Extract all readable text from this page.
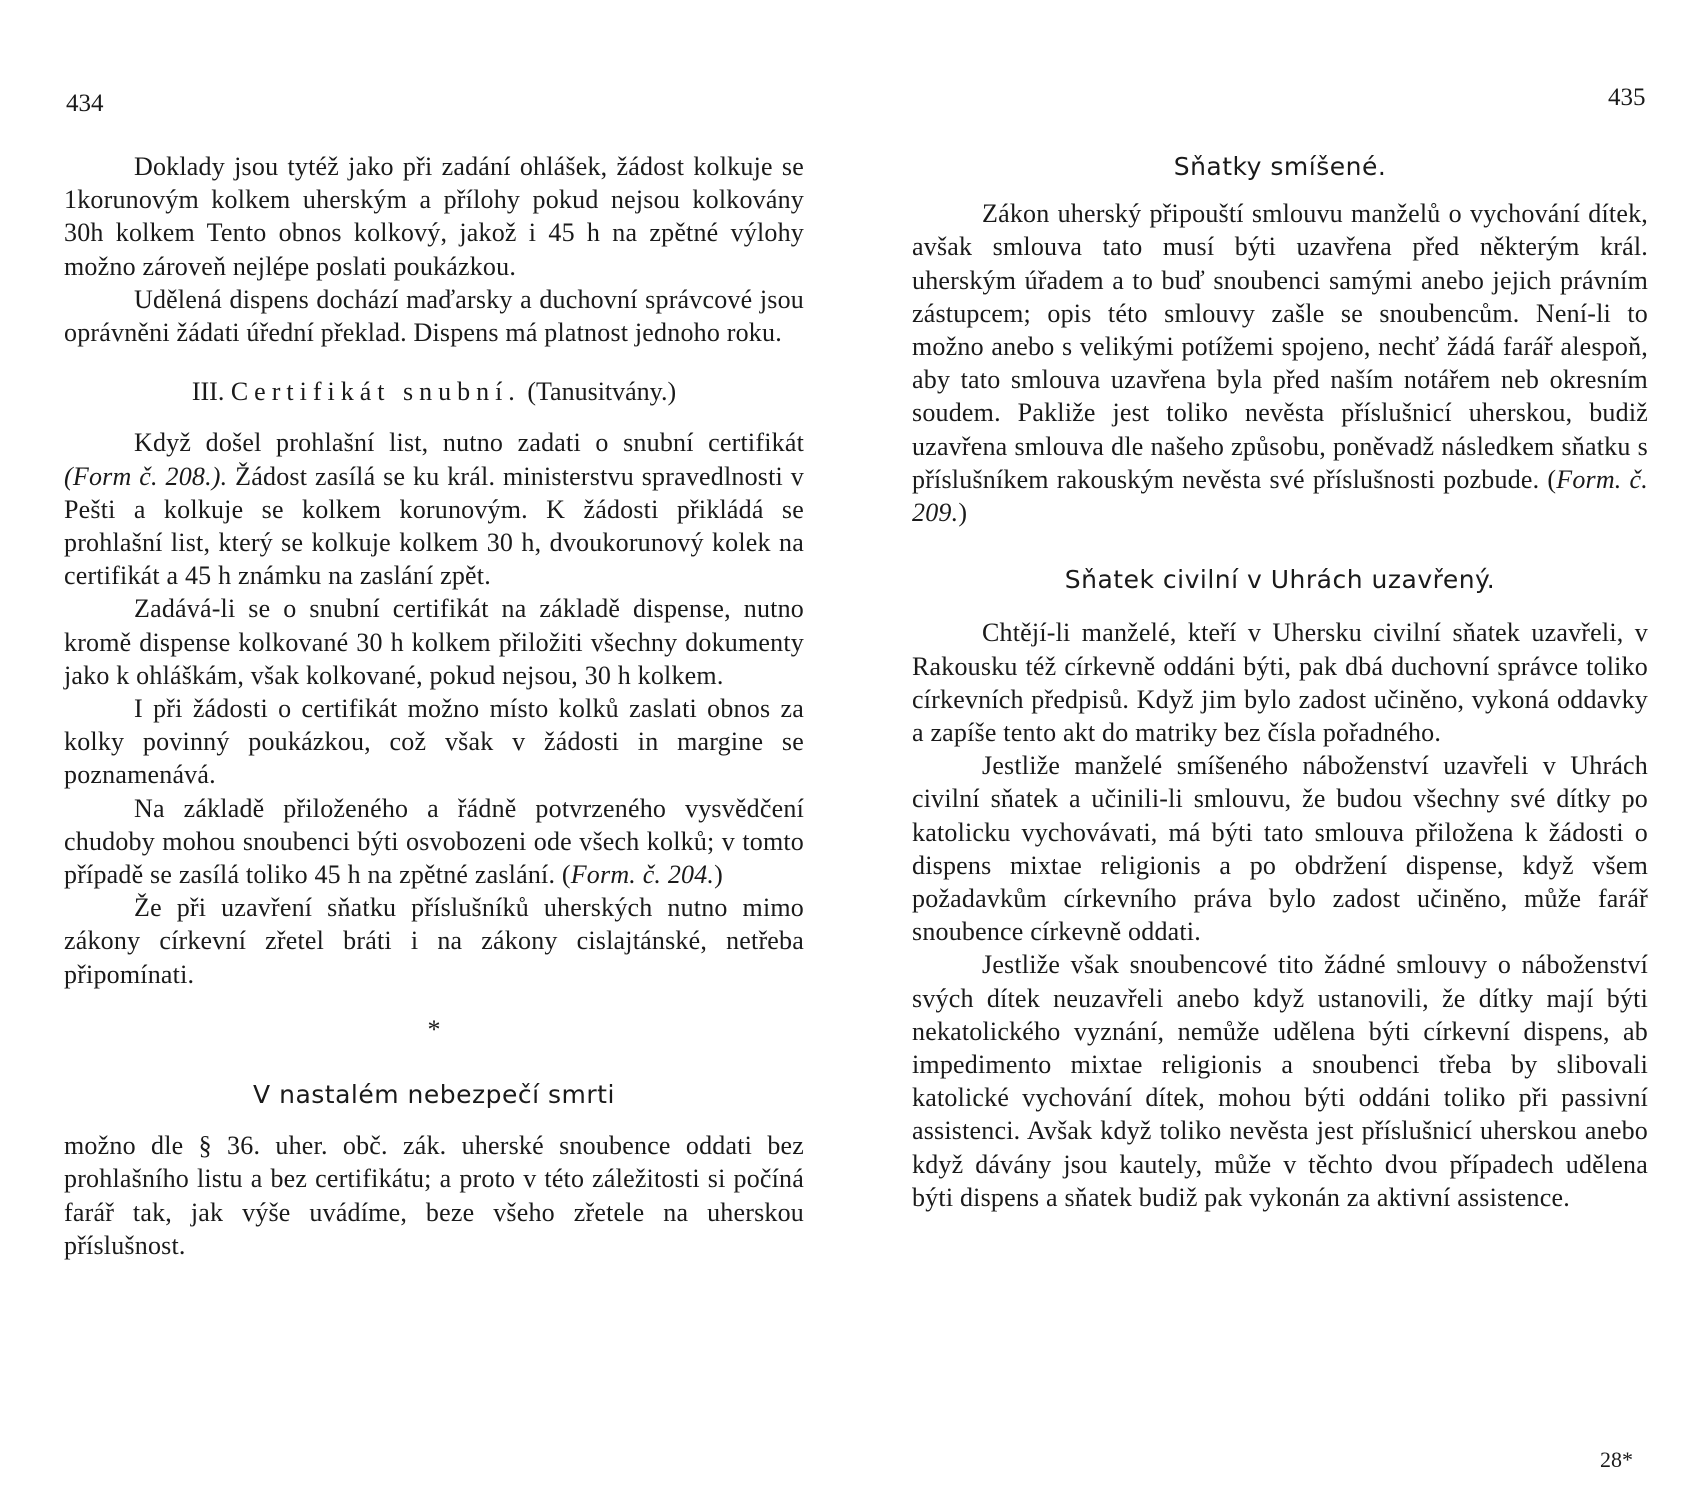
434

Doklady jsou tytéž jako při zadání ohlášek, žádost kolkuje se 1korunovým kolkem uherským a přílohy pokud nejsou kolkovány 30h kolkem Tento obnos kolkový, jakož i 45 h na zpětné výlohy možno zároveň nejlépe poslati poukázkou.

Udělená dispens dochází maďarsky a duchovní správcové jsou oprávněni žádati úřední překlad. Dispens má platnost jednoho roku.

III. Certifikát snubní. (Tanusitvány.)

Když došel prohlašní list, nutno zadati o snubní certifikát (Form č. 208.). Žádost zasílá se ku král. ministerstvu spravedlnosti v Pešti a kolkuje se kolkem korunovým. K žádosti přikládá se prohlašní list, který se kolkuje kolkem 30 h, dvoukorunový kolek na certifikát a 45 h známku na zaslání zpět.

Zadává-li se o snubní certifikát na základě dispense, nutno kromě dispense kolkované 30 h kolkem přiložiti všechny dokumenty jako k ohláškám, však kolkované, pokud nejsou, 30 h kolkem.

I při žádosti o certifikát možno místo kolků zaslati obnos za kolky povinný poukázkou, což však v žádosti in margine se poznamenává.

Na základě přiloženého a řádně potvrzeného vysvědčení chudoby mohou snoubenci býti osvobozeni ode všech kolků; v tomto případě se zasílá toliko 45 h na zpětné zaslání. (Form. č. 204.)

Že při uzavření sňatku příslušníků uherských nutno mimo zákony církevní zřetel bráti i na zákony cislajtánské, netřeba připomínati.

*
V nastalém nebezpečí smrti

možno dle § 36. uher. obč. zák. uherské snoubence oddati bez prohlašního listu a bez certifikátu; a proto v této záležitosti si počíná farář tak, jak výše uvádíme, beze všeho zřetele na uherskou příslušnost.

435
Sňatky smíšené.

Zákon uherský připouští smlouvu manželů o vychování dítek, avšak smlouva tato musí býti uzavřena před některým král. uherským úřadem a to buď snoubenci samými anebo jejich právním zástupcem; opis této smlouvy zašle se snoubencům. Není-li to možno anebo s velikými potížemi spojeno, nechť žádá farář alespoň, aby tato smlouva uzavřena byla před naším notářem neb okresním soudem. Pakliže jest toliko nevěsta příslušnicí uherskou, budiž uzavřena smlouva dle našeho způsobu, poněvadž následkem sňatku s příslušníkem rakouským nevěsta své příslušnosti pozbude. (Form. č. 209.)

Sňatek civilní v Uhrách uzavřený.

Chtějí-li manželé, kteří v Uhersku civilní sňatek uzavřeli, v Rakousku též církevně oddáni býti, pak dbá duchovní správce toliko církevních předpisů. Když jim bylo zadost učiněno, vykoná oddavky a zapíše tento akt do matriky bez čísla pořadného.

Jestliže manželé smíšeného náboženství uzavřeli v Uhrách civilní sňatek a učinili-li smlouvu, že budou všechny své dítky po katolicku vychovávati, má býti tato smlouva přiložena k žádosti o dispens mixtae religionis a po obdržení dispense, když všem požadavkům církevního práva bylo zadost učiněno, může farář snoubence církevně oddati.

Jestliže však snoubencové tito žádné smlouvy o náboženství svých dítek neuzavřeli anebo když ustanovili, že dítky mají býti nekatolického vyznání, nemůže udělena býti církevní dispens, ab impedimento mixtae religionis a snoubenci třeba by slibovali katolické vychování dítek, mohou býti oddáni toliko při passivní assistenci. Avšak když toliko nevěsta jest příslušnicí uherskou anebo když dávány jsou kautely, může v těchto dvou případech udělena býti dispens a sňatek budiž pak vykonán za aktivní assistence.

28*
